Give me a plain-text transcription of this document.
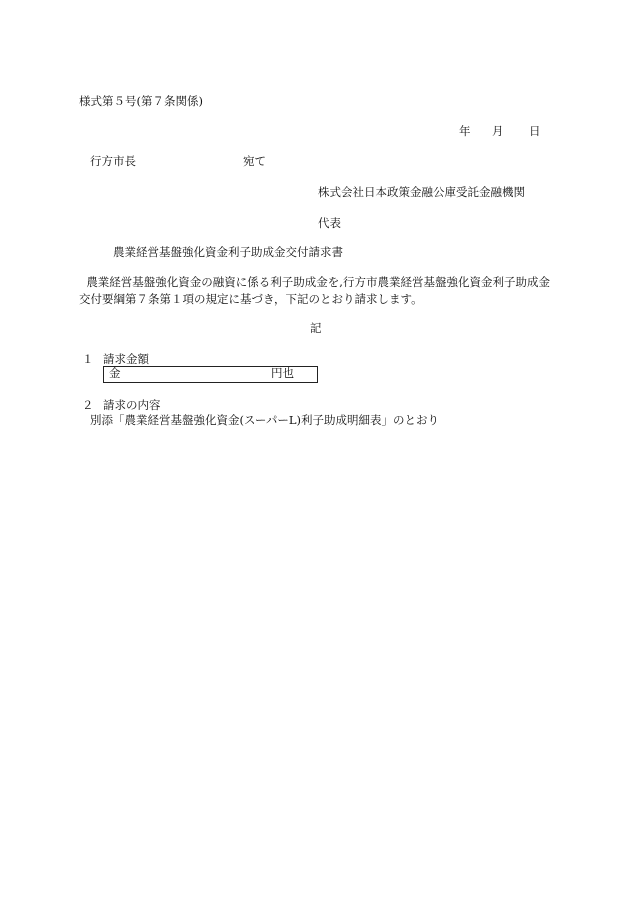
様式第５号(第７条関係)
年 月 日
行方市長	宛て
株式会社日本政策金融公庫受託金融機関
代表
農業経営基盤強化資金利子助成金交付請求書
農業経営基盤強化資金の融資に係る利子助成金を,行方市農業経営基盤強化資金利子助成金交付要綱第７条第１項の規定に基づき，下記のとおり請求します。
記
１ 請求金額
金	円也
２ 請求の内容
別添「農業経営基盤強化資金(スーパーL)利子助成明細表」のとおり
